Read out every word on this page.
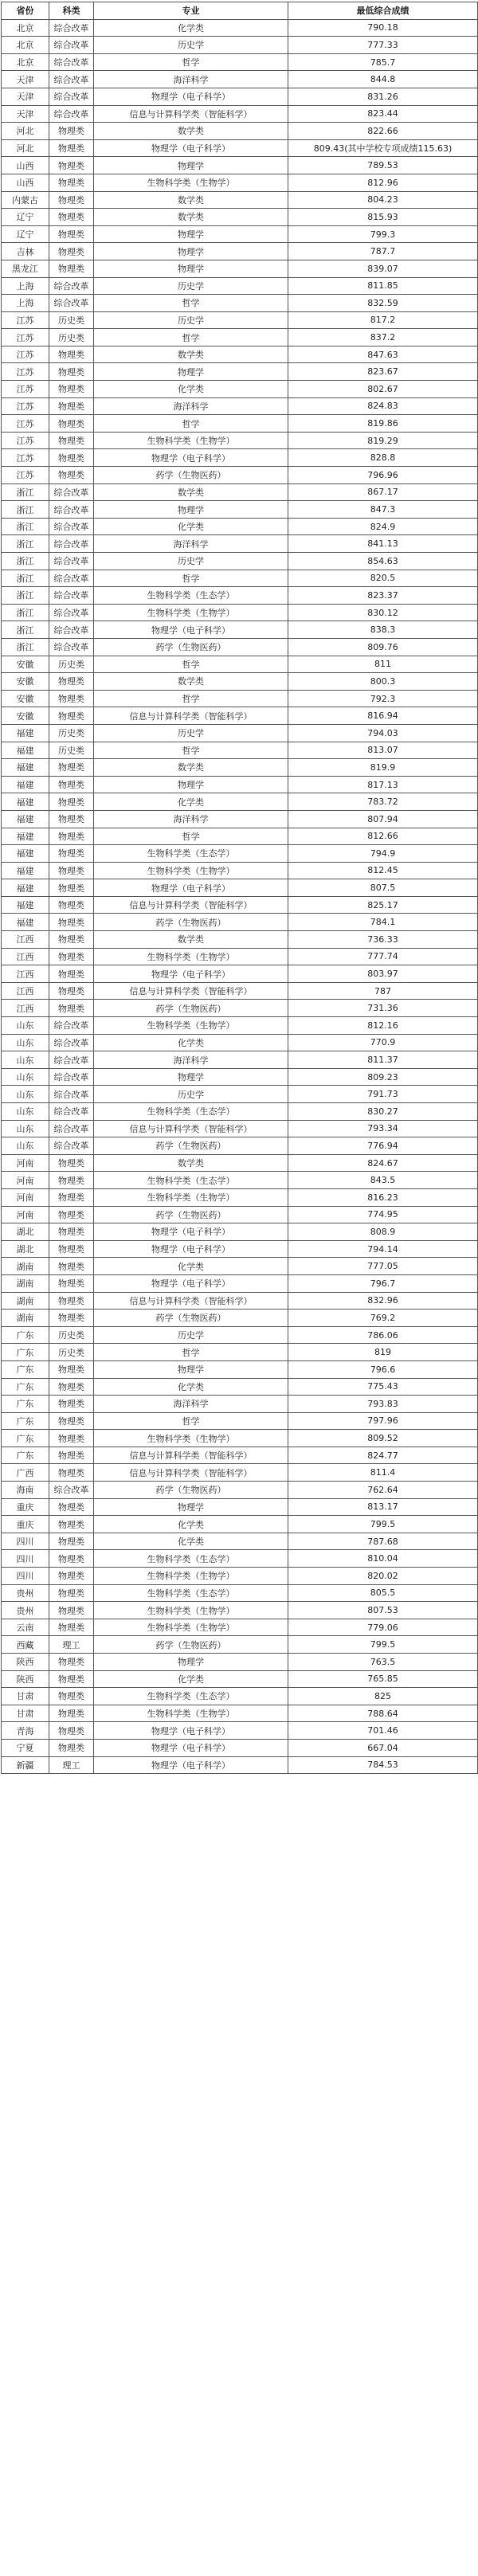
省份	科类	专业	最低综合成绩
北京	综合改革	化学类	790.18
北京	综合改革	历史学	777.33
北京	综合改革	哲学	785.7
天津	综合改革	海洋科学	844.8
天津	综合改革	物理学（电子科学）	831.26
天津	综合改革	信息与计算科学类（智能科学）	823.44
河北	物理类	数学类	822.66
河北	物理类	物理学（电子科学）	809.43(其中学校专项成绩115.63)
山西	物理类	物理学	789.53
山西	物理类	生物科学类（生物学）	812.96
内蒙古	物理类	数学类	804.23
辽宁	物理类	数学类	815.93
辽宁	物理类	物理学	799.3
吉林	物理类	物理学	787.7
黑龙江	物理类	物理学	839.07
上海	综合改革	历史学	811.85
上海	综合改革	哲学	832.59
江苏	历史类	历史学	817.2
江苏	历史类	哲学	837.2
江苏	物理类	数学类	847.63
江苏	物理类	物理学	823.67
江苏	物理类	化学类	802.67
江苏	物理类	海洋科学	824.83
江苏	物理类	哲学	819.86
江苏	物理类	生物科学类（生物学）	819.29
江苏	物理类	物理学（电子科学）	828.8
江苏	物理类	药学（生物医药）	796.96
浙江	综合改革	数学类	867.17
浙江	综合改革	物理学	847.3
浙江	综合改革	化学类	824.9
浙江	综合改革	海洋科学	841.13
浙江	综合改革	历史学	854.63
浙江	综合改革	哲学	820.5
浙江	综合改革	生物科学类（生态学）	823.37
浙江	综合改革	生物科学类（生物学）	830.12
浙江	综合改革	物理学（电子科学）	838.3
浙江	综合改革	药学（生物医药）	809.76
安徽	历史类	哲学	811
安徽	物理类	数学类	800.3
安徽	物理类	哲学	792.3
安徽	物理类	信息与计算科学类（智能科学）	816.94
福建	历史类	历史学	794.03
福建	历史类	哲学	813.07
福建	物理类	数学类	819.9
福建	物理类	物理学	817.13
福建	物理类	化学类	783.72
福建	物理类	海洋科学	807.94
福建	物理类	哲学	812.66
福建	物理类	生物科学类（生态学）	794.9
福建	物理类	生物科学类（生物学）	812.45
福建	物理类	物理学（电子科学）	807.5
福建	物理类	信息与计算科学类（智能科学）	825.17
福建	物理类	药学（生物医药）	784.1
江西	物理类	数学类	736.33
江西	物理类	生物科学类（生物学）	777.74
江西	物理类	物理学（电子科学）	803.97
江西	物理类	信息与计算科学类（智能科学）	787
江西	物理类	药学（生物医药）	731.36
山东	综合改革	生物科学类（生物学）	812.16
山东	综合改革	化学类	770.9
山东	综合改革	海洋科学	811.37
山东	综合改革	物理学	809.23
山东	综合改革	历史学	791.73
山东	综合改革	生物科学类（生态学）	830.27
山东	综合改革	信息与计算科学类（智能科学）	793.34
山东	综合改革	药学（生物医药）	776.94
河南	物理类	数学类	824.67
河南	物理类	生物科学类（生态学）	843.5
河南	物理类	生物科学类（生物学）	816.23
河南	物理类	药学（生物医药）	774.95
湖北	物理类	物理学（电子科学）	808.9
湖北	物理类	物理学（电子科学）	794.14
湖南	物理类	化学类	777.05
湖南	物理类	物理学（电子科学）	796.7
湖南	物理类	信息与计算科学类（智能科学）	832.96
湖南	物理类	药学（生物医药）	769.2
广东	历史类	历史学	786.06
广东	历史类	哲学	819
广东	物理类	物理学	796.6
广东	物理类	化学类	775.43
广东	物理类	海洋科学	793.83
广东	物理类	哲学	797.96
广东	物理类	生物科学类（生物学）	809.52
广东	物理类	信息与计算科学类（智能科学）	824.77
广西	物理类	信息与计算科学类（智能科学）	811.4
海南	综合改革	药学（生物医药）	762.64
重庆	物理类	物理学	813.17
重庆	物理类	化学类	799.5
四川	物理类	化学类	787.68
四川	物理类	生物科学类（生态学）	810.04
四川	物理类	生物科学类（生物学）	820.02
贵州	物理类	生物科学类（生态学）	805.5
贵州	物理类	生物科学类（生物学）	807.53
云南	物理类	生物科学类（生物学）	779.06
西藏	理工	药学（生物医药）	799.5
陕西	物理类	物理学	763.5
陕西	物理类	化学类	765.85
甘肃	物理类	生物科学类（生态学）	825
甘肃	物理类	生物科学类（生物学）	788.64
青海	物理类	物理学（电子科学）	701.46
宁夏	物理类	物理学（电子科学）	667.04
新疆	理工	物理学（电子科学）	784.53
